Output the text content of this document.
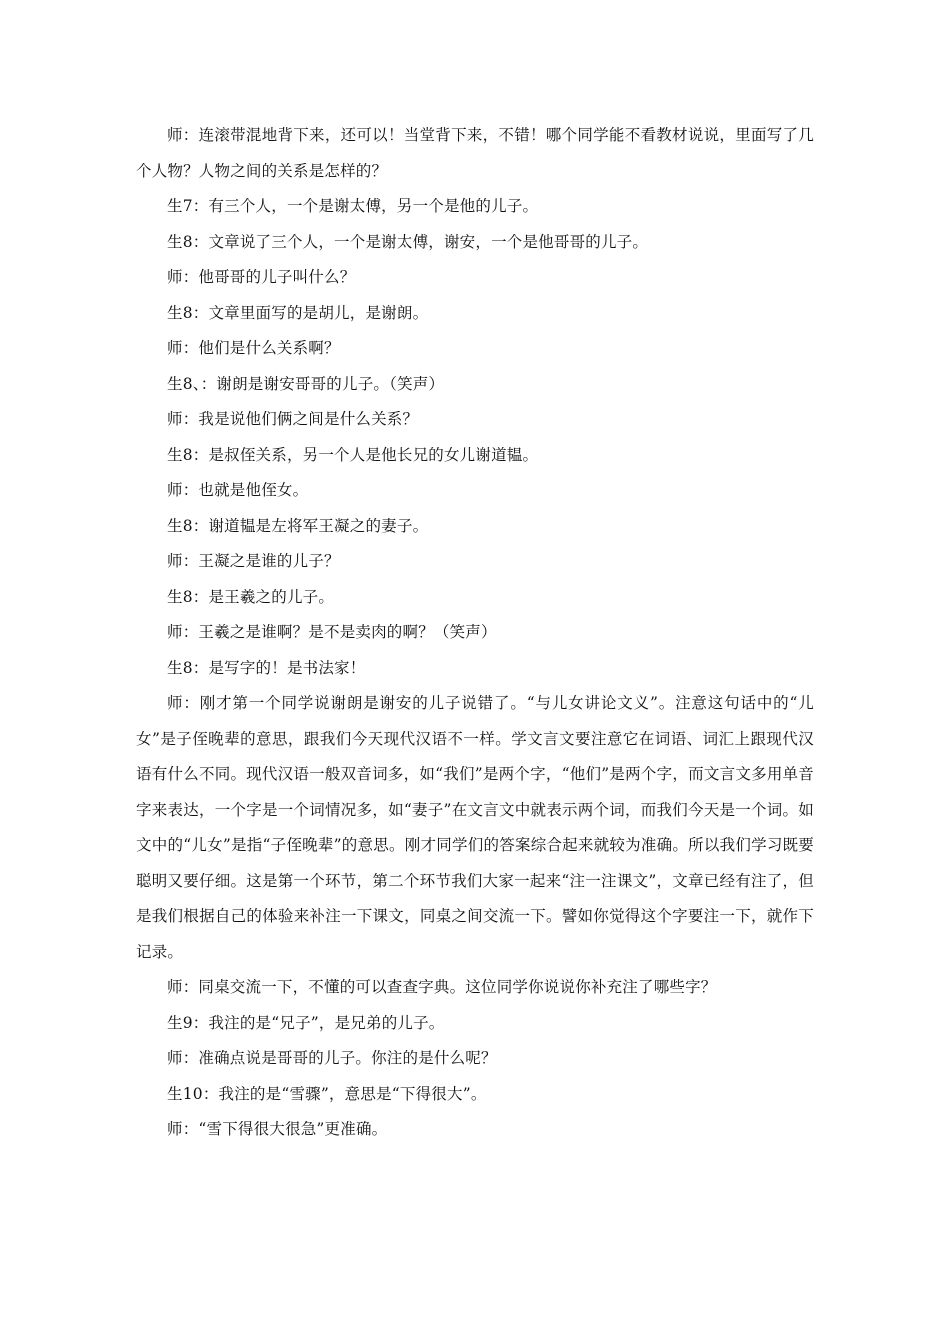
师：连滚带混地背下来，还可以！当堂背下来，不错！哪个同学能不看教材说说，里面写了几个人物？人物之间的关系是怎样的？

生7：有三个人，一个是谢太傅，另一个是他的儿子。

生8：文章说了三个人，一个是谢太傅，谢安，一个是他哥哥的儿子。

师：他哥哥的儿子叫什么？

生8：文章里面写的是胡儿，是谢朗。

师：他们是什么关系啊？

生8、：谢朗是谢安哥哥的儿子。（笑声）

师：我是说他们俩之间是什么关系？

生8：是叔侄关系，另一个人是他长兄的女儿谢道韫。

师：也就是他侄女。

生8：谢道韫是左将军王凝之的妻子。

师：王凝之是谁的儿子？

生8：是王羲之的儿子。

师：王羲之是谁啊？是不是卖肉的啊？（笑声）

生8：是写字的！是书法家！

师：刚才第一个同学说谢朗是谢安的儿子说错了。“与儿女讲论文义”。注意这句话中的“儿女”是子侄晚辈的意思，跟我们今天现代汉语不一样。学文言文要注意它在词语、词汇上跟现代汉语有什么不同。现代汉语一般双音词多，如“我们”是两个字，“他们”是两个字，而文言文多用单音字来表达，一个字是一个词情况多，如“妻子”在文言文中就表示两个词，而我们今天是一个词。如文中的“儿女”是指“子侄晚辈”的意思。刚才同学们的答案综合起来就较为准确。所以我们学习既要聪明又要仔细。这是第一个环节，第二个环节我们大家一起来“注一注课文”，文章已经有注了，但是我们根据自己的体验来补注一下课文，同桌之间交流一下。譬如你觉得这个字要注一下，就作下记录。

师：同桌交流一下，不懂的可以查查字典。这位同学你说说你补充注了哪些字？

生9：我注的是“兄子”，是兄弟的儿子。

师：准确点说是哥哥的儿子。你注的是什么呢？

生10：我注的是“雪骤”，意思是“下得很大”。

师：“雪下得很大很急”更准确。
